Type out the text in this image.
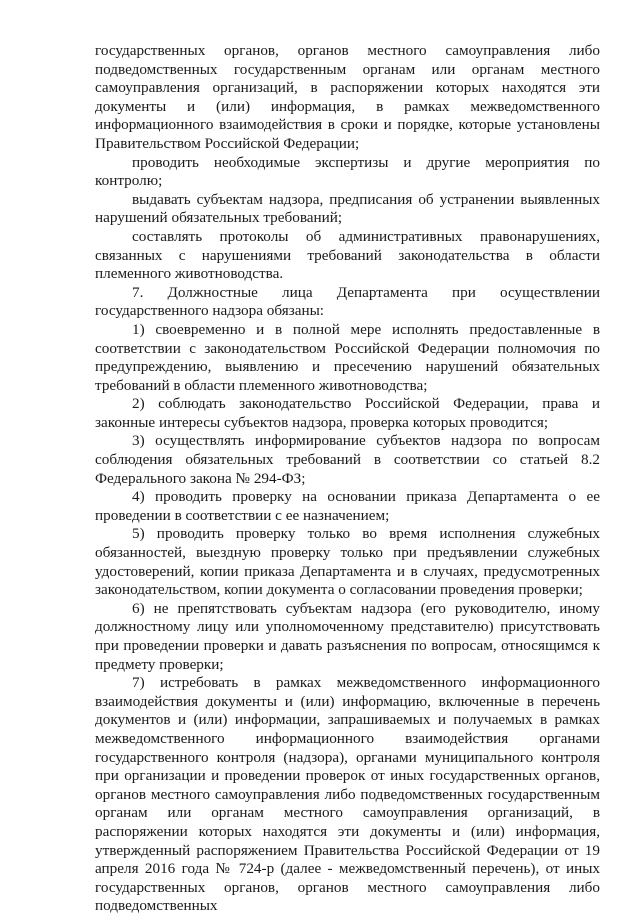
государственных органов, органов местного самоуправления либо подведомственных государственным органам или органам местного самоуправления организаций, в распоряжении которых находятся эти документы и (или) информация, в рамках межведомственного информационного взаимодействия в сроки и порядке, которые установлены Правительством Российской Федерации;

проводить необходимые экспертизы и другие мероприятия по контролю;

выдавать субъектам надзора, предписания об устранении выявленных нарушений обязательных требований;

составлять протоколы об административных правонарушениях, связанных с нарушениями требований законодательства в области племенного животноводства.

7. Должностные лица Департамента при осуществлении государственного надзора обязаны:

1) своевременно и в полной мере исполнять предоставленные в соответствии с законодательством Российской Федерации полномочия по предупреждению, выявлению и пресечению нарушений обязательных требований в области племенного животноводства;

2) соблюдать законодательство Российской Федерации, права и законные интересы субъектов надзора, проверка которых проводится;

3) осуществлять информирование субъектов надзора по вопросам соблюдения обязательных требований в соответствии со статьей 8.2 Федерального закона № 294-ФЗ;

4) проводить проверку на основании приказа Департамента о ее проведении в соответствии с ее назначением;

5) проводить проверку только во время исполнения служебных обязанностей, выездную проверку только при предъявлении служебных удостоверений, копии приказа Департамента и в случаях, предусмотренных законодательством, копии документа о согласовании проведения проверки;

6) не препятствовать субъектам надзора (его руководителю, иному должностному лицу или уполномоченному представителю) присутствовать при проведении проверки и давать разъяснения по вопросам, относящимся к предмету проверки;

7) истребовать в рамках межведомственного информационного взаимодействия документы и (или) информацию, включенные в перечень документов и (или) информации, запрашиваемых и получаемых в рамках межведомственного информационного взаимодействия органами государственного контроля (надзора), органами муниципального контроля при организации и проведении проверок от иных государственных органов, органов местного самоуправления либо подведомственных государственным органам или органам местного самоуправления организаций, в распоряжении которых находятся эти документы и (или) информация, утвержденный распоряжением Правительства Российской Федерации от 19 апреля 2016 года № 724-р (далее - межведомственный перечень), от иных государственных органов, органов местного самоуправления либо подведомственных
